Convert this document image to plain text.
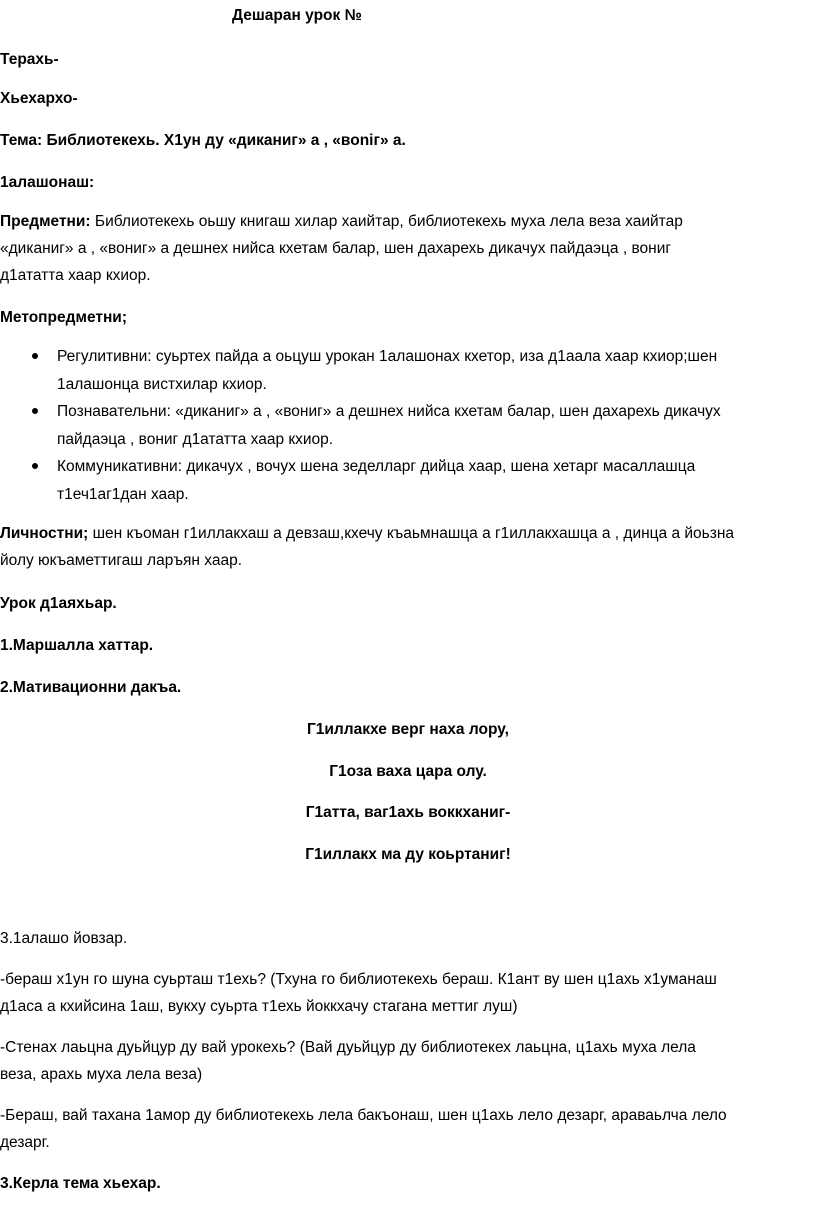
Дешаран урок №

Терахь-

Хьехархо-

Тема: Библиотекехь. Х1ун ду «диканиг» а , «воniг» а.

1алашонаш:

Предметни: Библиотекехь оьшу книгаш хилар хаийтар, библиотекехь муха лела веза хаийтар

«диканиг» а , «вониг» а дешнех нийса кхетам балар, шен дахарехь дикачух пайдаэца , вониг

д1ататта хаар кхиор.

Метопредметни;

Регулитивни: суьртех пайда а оьцуш урокан 1алашонах кхетор, иза д1аала хаар кхиор;шен

1алашонца вистхилар кхиор.

Познавательни: «диканиг» а , «вониг» а дешнех нийса кхетам балар, шен дахарехь дикачух

пайдаэца , вониг д1ататта хаар кхиор.

Коммуникативни: дикачух , вочух шена зеделларг дийца хаар, шена хетарг масаллашца

т1еч1аг1дан хаар.

Личностни; шен къоман г1иллакхаш а девзаш,кхечу къаьмнашца а г1иллакхашца а , динца а йоьзна

йолу юкъаметтигаш ларъян хаар.

Урок д1аяхьар.

1.Маршалла хаттар.

2.Мативационни дакъа.

Г1иллакхе верг наха лору,

Г1оза ваха цара олу.

Г1атта, ваг1ахь воккханиг-

Г1иллакх ма ду коьртаниг!

3.1алашо йовзар.

-бераш х1ун го шуна суьрташ т1ехь? (Тхуна го библиотекехь бераш. К1ант ву шен ц1ахь х1уманаш

д1аса а кхийсина 1аш, вукху суьрта т1ехь йоккхачу стагана меттиг луш)

-Стенах лаьцна дуьйцур ду вай урокехь? (Вай дуьйцур ду библиотекех лаьцна, ц1ахь муха лела

веза, арахь муха лела веза)

-Бераш, вай тахана 1амор ду библиотекехь лела бакъонаш, шен ц1ахь лело дезарг, араваьлча лело

дезарг.

3.Керла тема хьехар.
